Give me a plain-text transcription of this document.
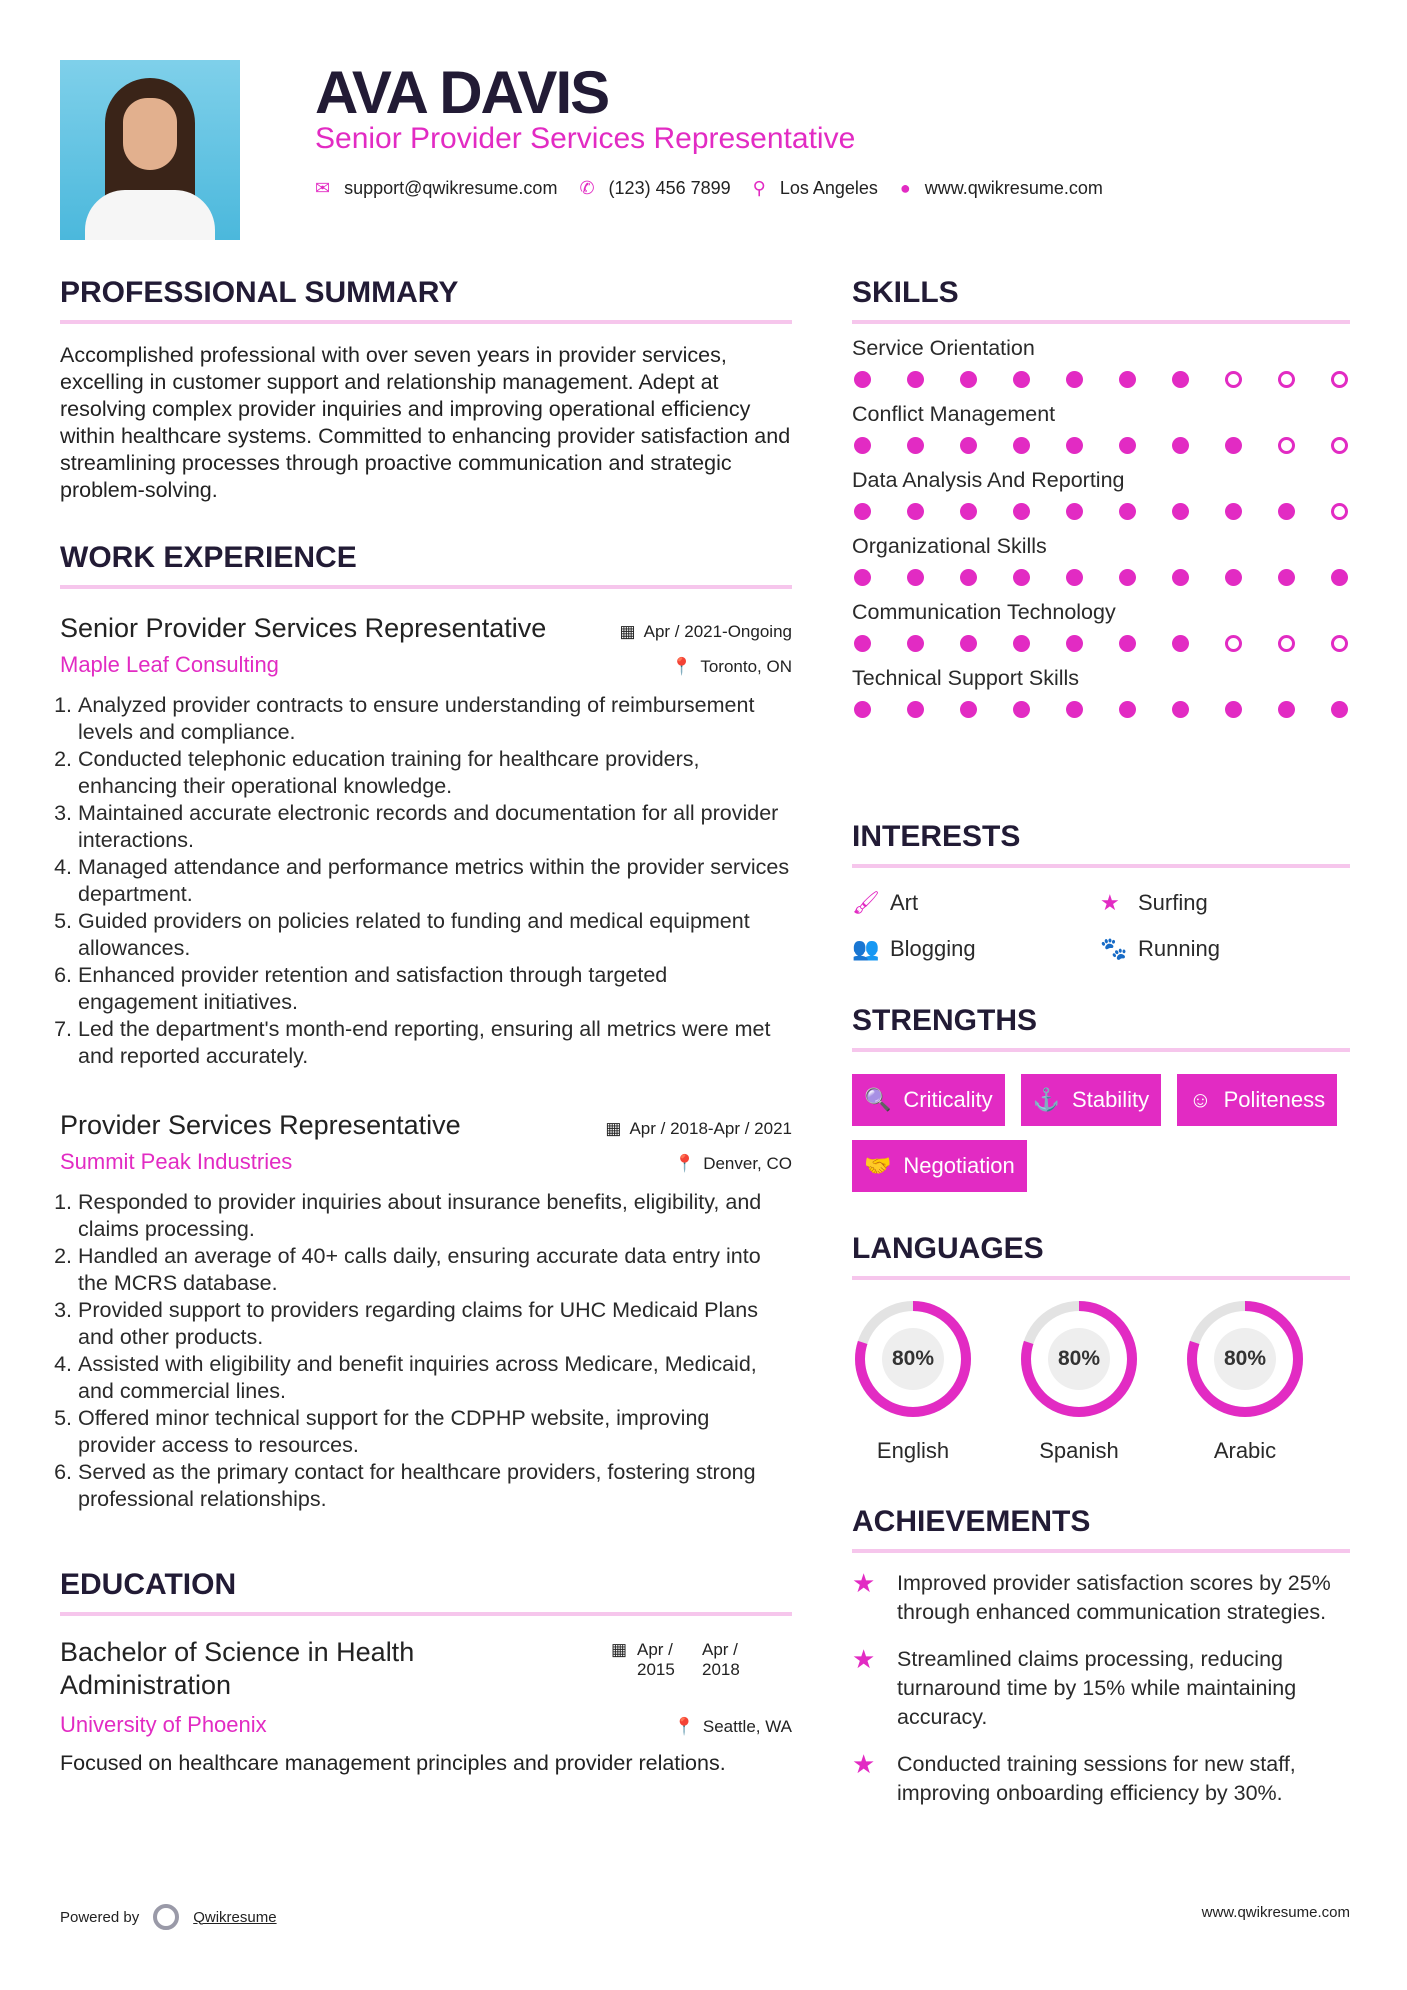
AVA DAVIS
Senior Provider Services Representative
✉ support@qwikresume.com ✆ (123) 456 7899 ⚲ Los Angeles ● www.qwikresume.com
PROFESSIONAL SUMMARY
Accomplished professional with over seven years in provider services, excelling in customer support and relationship management. Adept at resolving complex provider inquiries and improving operational efficiency within healthcare systems. Committed to enhancing provider satisfaction and streamlining processes through proactive communication and strategic problem-solving.
WORK EXPERIENCE
Senior Provider Services Representative	▦ Apr / 2021-Ongoing
Maple Leaf Consulting	📍 Toronto, ON
1. Analyzed provider contracts to ensure understanding of reimbursement levels and compliance.
2. Conducted telephonic education training for healthcare providers, enhancing their operational knowledge.
3. Maintained accurate electronic records and documentation for all provider interactions.
4. Managed attendance and performance metrics within the provider services department.
5. Guided providers on policies related to funding and medical equipment allowances.
6. Enhanced provider retention and satisfaction through targeted engagement initiatives.
7. Led the department's month-end reporting, ensuring all metrics were met and reported accurately.
Provider Services Representative	▦ Apr / 2018-Apr / 2021
Summit Peak Industries	📍 Denver, CO
1. Responded to provider inquiries about insurance benefits, eligibility, and claims processing.
2. Handled an average of 40+ calls daily, ensuring accurate data entry into the MCRS database.
3. Provided support to providers regarding claims for UHC Medicaid Plans and other products.
4. Assisted with eligibility and benefit inquiries across Medicare, Medicaid, and commercial lines.
5. Offered minor technical support for the CDPHP website, improving provider access to resources.
6. Served as the primary contact for healthcare providers, fostering strong professional relationships.
EDUCATION
Bachelor of Science in Health Administration
▦ Apr / 2015
Apr / 2018
University of Phoenix	📍 Seattle, WA
Focused on healthcare management principles and provider relations.
SKILLS
Service Orientation
Conflict Management
Data Analysis And Reporting
Organizational Skills
Communication Technology
Technical Support Skills
INTERESTS
🖌 Art	★ Surfing
👥 Blogging	🐾 Running
STRENGTHS
🔍 Criticality ⚓ Stability ☺ Politeness
🤝 Negotiation
LANGUAGES
80%
English
80%
Spanish
80%
Arabic
ACHIEVEMENTS
★	Improved provider satisfaction scores by 25% through enhanced communication strategies.
★	Streamlined claims processing, reducing turnaround time by 15% while maintaining accuracy.
★	Conducted training sessions for new staff, improving onboarding efficiency by 30%.
Powered by	Qwikresume	www.qwikresume.com
